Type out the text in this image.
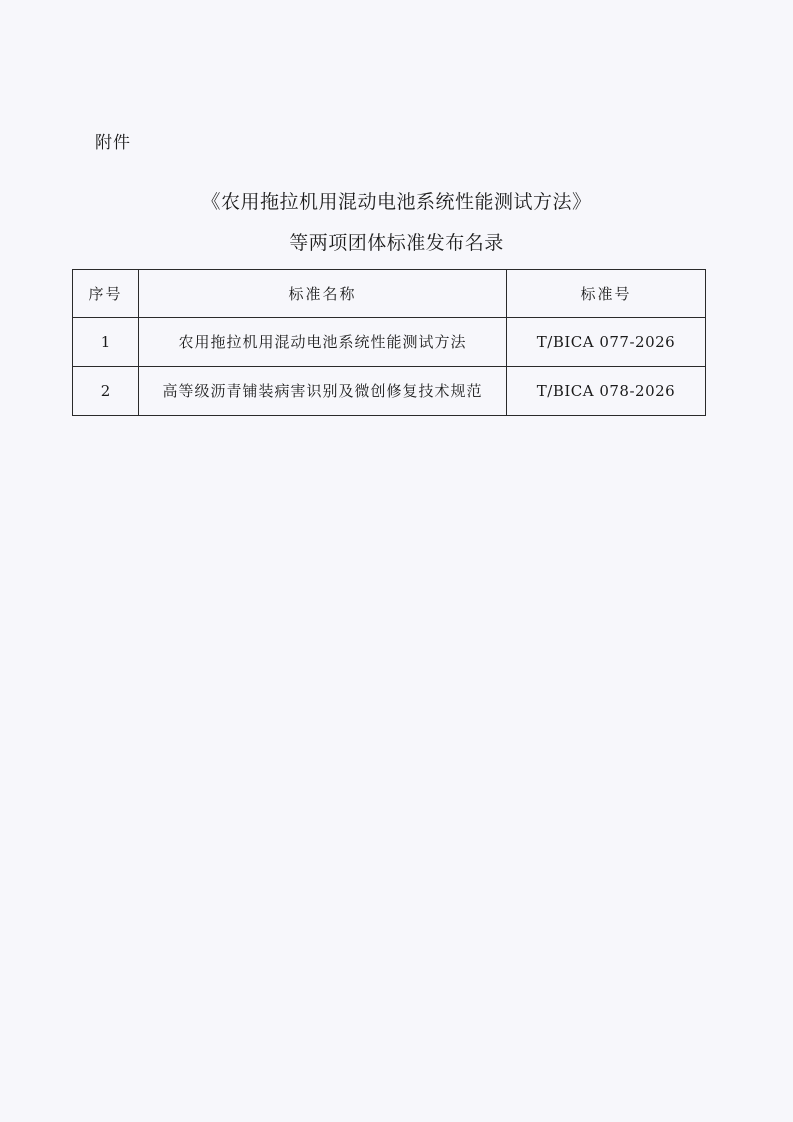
附件
《农用拖拉机用混动电池系统性能测试方法》
等两项团体标准发布名录
序号	标准名称	标准号
1	农用拖拉机用混动电池系统性能测试方法	T/BICA 077-2026
2	高等级沥青铺装病害识别及微创修复技术规范	T/BICA 078-2026
